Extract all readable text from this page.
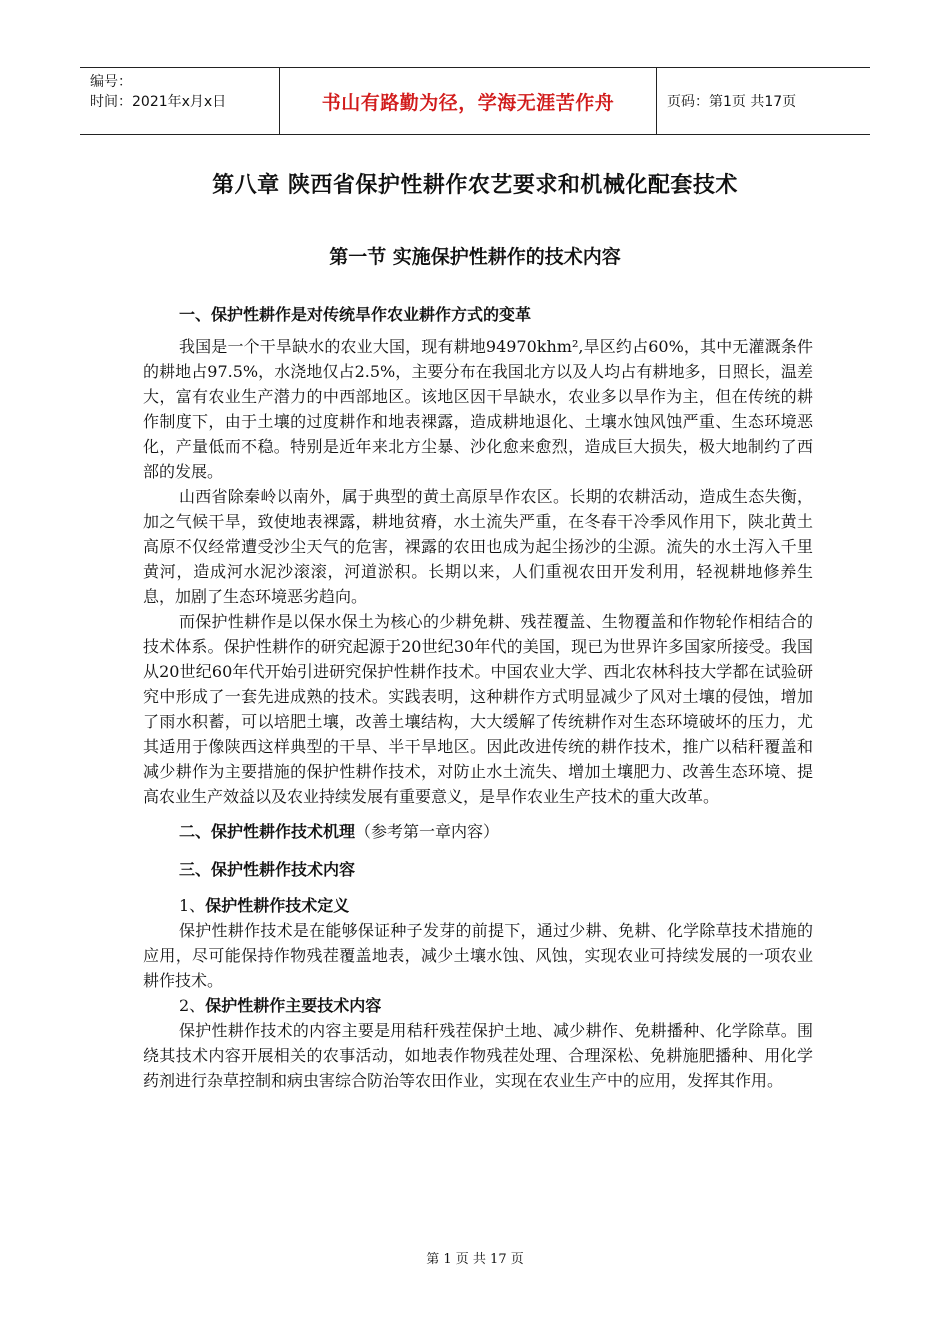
编号：
时间：2021年x月x日	书山有路勤为径，学海无涯苦作舟	页码：第1页 共17页
第八章 陕西省保护性耕作农艺要求和机械化配套技术
第一节 实施保护性耕作的技术内容
一、保护性耕作是对传统旱作农业耕作方式的变革

我国是一个干旱缺水的农业大国，现有耕地94970khm²,旱区约占60%，其中无灌溉条件的耕地占97.5%，水浇地仅占2.5%，主要分布在我国北方以及人均占有耕地多，日照长，温差大，富有农业生产潜力的中西部地区。该地区因干旱缺水，农业多以旱作为主，但在传统的耕作制度下，由于土壤的过度耕作和地表裸露，造成耕地退化、土壤水蚀风蚀严重、生态环境恶化，产量低而不稳。特别是近年来北方尘暴、沙化愈来愈烈，造成巨大损失，极大地制约了西部的发展。

山西省除秦岭以南外，属于典型的黄土高原旱作农区。长期的农耕活动，造成生态失衡，加之气候干旱，致使地表裸露，耕地贫瘠，水土流失严重，在冬春干冷季风作用下，陕北黄土高原不仅经常遭受沙尘天气的危害，裸露的农田也成为起尘扬沙的尘源。流失的水土泻入千里黄河，造成河水泥沙滚滚，河道淤积。长期以来，人们重视农田开发利用，轻视耕地修养生息，加剧了生态环境恶劣趋向。

而保护性耕作是以保水保土为核心的少耕免耕、残茬覆盖、生物覆盖和作物轮作相结合的技术体系。保护性耕作的研究起源于20世纪30年代的美国，现已为世界许多国家所接受。我国从20世纪60年代开始引进研究保护性耕作技术。中国农业大学、西北农林科技大学都在试验研究中形成了一套先进成熟的技术。实践表明，这种耕作方式明显减少了风对土壤的侵蚀，增加了雨水积蓄，可以培肥土壤，改善土壤结构，大大缓解了传统耕作对生态环境破坏的压力，尤其适用于像陕西这样典型的干旱、半干旱地区。因此改进传统的耕作技术，推广以秸秆覆盖和减少耕作为主要措施的保护性耕作技术，对防止水土流失、增加土壤肥力、改善生态环境、提高农业生产效益以及农业持续发展有重要意义，是旱作农业生产技术的重大改革。

二、保护性耕作技术机理（参考第一章内容）
三、保护性耕作技术内容
1、保护性耕作技术定义

保护性耕作技术是在能够保证种子发芽的前提下，通过少耕、免耕、化学除草技术措施的应用，尽可能保持作物残茬覆盖地表，减少土壤水蚀、风蚀，实现农业可持续发展的一项农业耕作技术。

2、保护性耕作主要技术内容

保护性耕作技术的内容主要是用秸秆残茬保护土地、减少耕作、免耕播种、化学除草。围绕其技术内容开展相关的农事活动，如地表作物残茬处理、合理深松、免耕施肥播种、用化学药剂进行杂草控制和病虫害综合防治等农田作业，实现在农业生产中的应用，发挥其作用。

第 1 页 共 17 页
